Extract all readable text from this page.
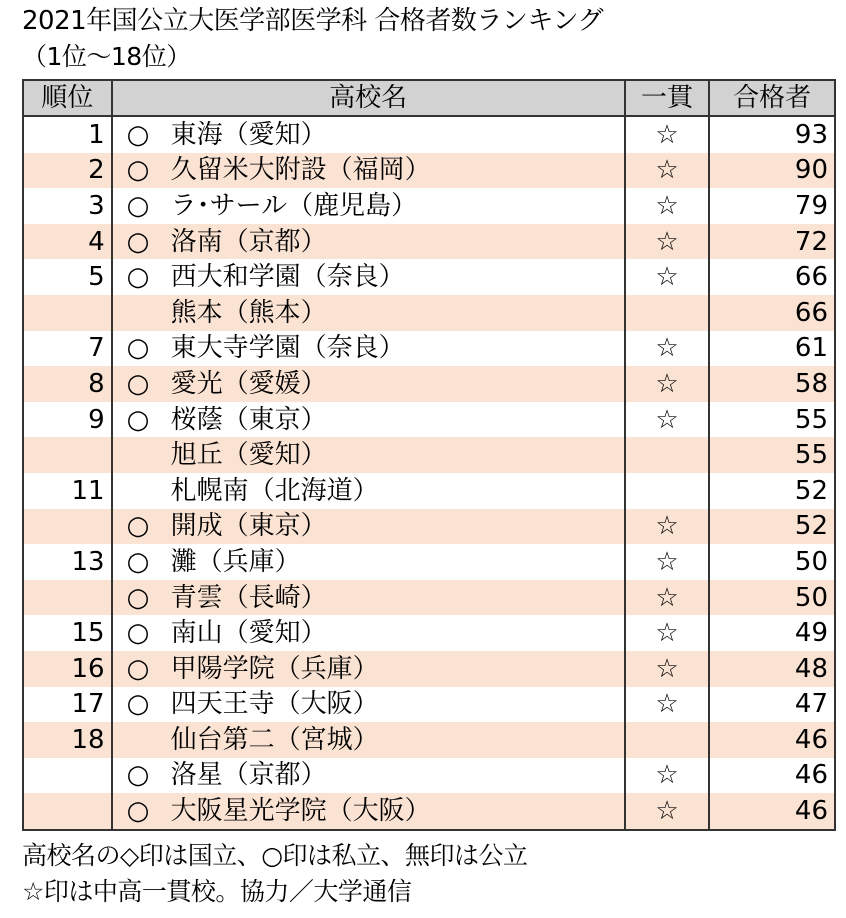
2021年国公立大医学部医学科 合格者数ランキング
（1位～18位）
順位	高校名	一貫	合格者
1	○ 東海（愛知）	☆	93
2	○ 久留米大附設（福岡）	☆	90
3	○ ラ･サール（鹿児島）	☆	79
4	○ 洛南（京都）	☆	72
5	○ 西大和学園（奈良）	☆	66
	熊本（熊本）		66
7	○ 東大寺学園（奈良）	☆	61
8	○ 愛光（愛媛）	☆	58
9	○ 桜蔭（東京）	☆	55
	旭丘（愛知）		55
11	札幌南（北海道）		52
	○ 開成（東京）	☆	52
13	○ 灘（兵庫）	☆	50
	○ 青雲（長崎）	☆	50
15	○ 南山（愛知）	☆	49
16	○ 甲陽学院（兵庫）	☆	48
17	○ 四天王寺（大阪）	☆	47
18	仙台第二（宮城）		46
	○ 洛星（京都）	☆	46
	○ 大阪星光学院（大阪）	☆	46
高校名の◇印は国立、○印は私立、無印は公立
☆印は中高一貫校。協力／大学通信
